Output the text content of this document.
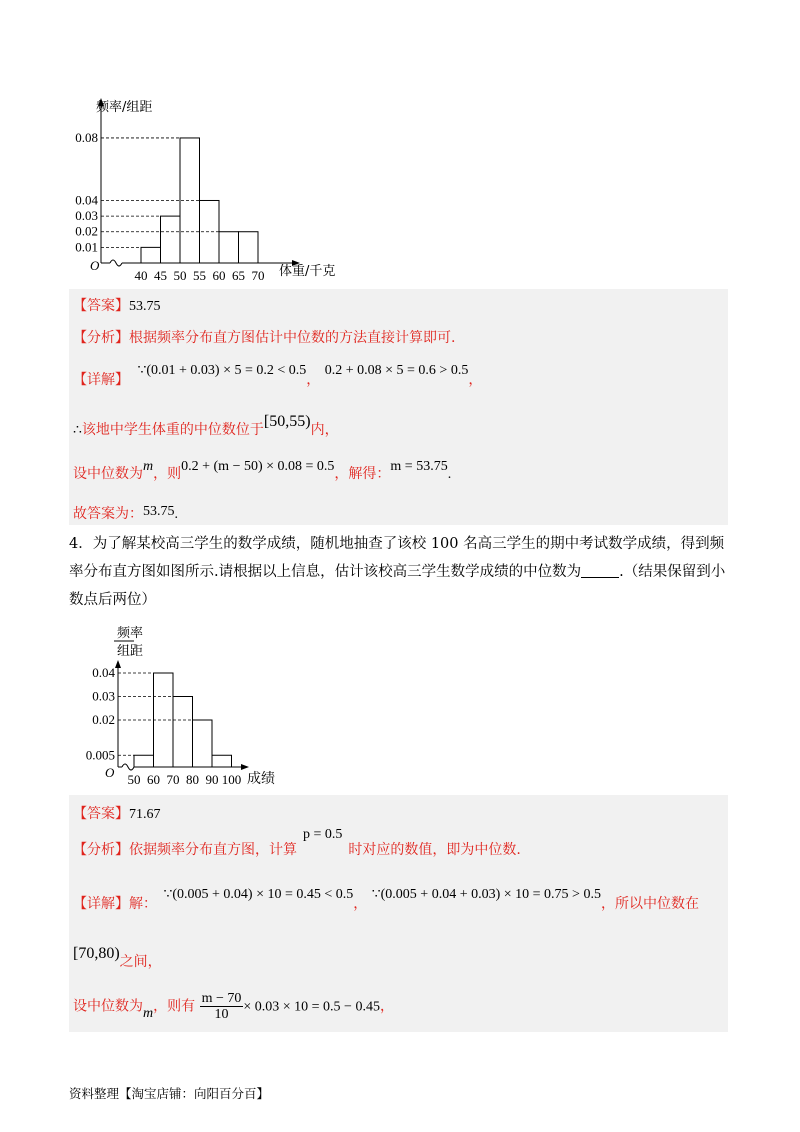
0.08
0.04
0.03
0.02
0.01
40 45 50 55 60 65 70
频率/组距
O	体重/千克
【答案】53.75
【分析】根据频率分布直方图估计中位数的方法直接计算即可.
【详解】 ∵(0.01 + 0.03) × 5 = 0.2 < 0.5， 0.2 + 0.08 × 5 = 0.6 > 0.5，
∴该地中学生体重的中位数位于[50,55)内，
设中位数为m，则0.2 + (m − 50) × 0.08 = 0.5，解得：m = 53.75.
故答案为：53.75.
4．为了解某校高三学生的数学成绩，随机地抽查了该校 100 名高三学生的期中考试数学成绩，得到频率分布直方图如图所示.请根据以上信息，估计该校高三学生数学成绩的中位数为	.（结果保留到小数点后两位）
0.04
0.03
0.02
0.005
50 60 70 80 90 100
频率
组距
O	成绩
【答案】71.67
【分析】依据频率分布直方图，计算p = 0.5时对应的数值，即为中位数.
【详解】解： ∵(0.005 + 0.04) × 10 = 0.45 < 0.5， ∵(0.005 + 0.04 + 0.03) × 10 = 0.75 > 0.5，所以中位数在
[70,80)之间，
设中位数为m，则有 $\frac{m - 70}{10} \times 0.03 \times 10 = 0.5 - 0.45$，
资料整理【淘宝店铺：向阳百分百】
